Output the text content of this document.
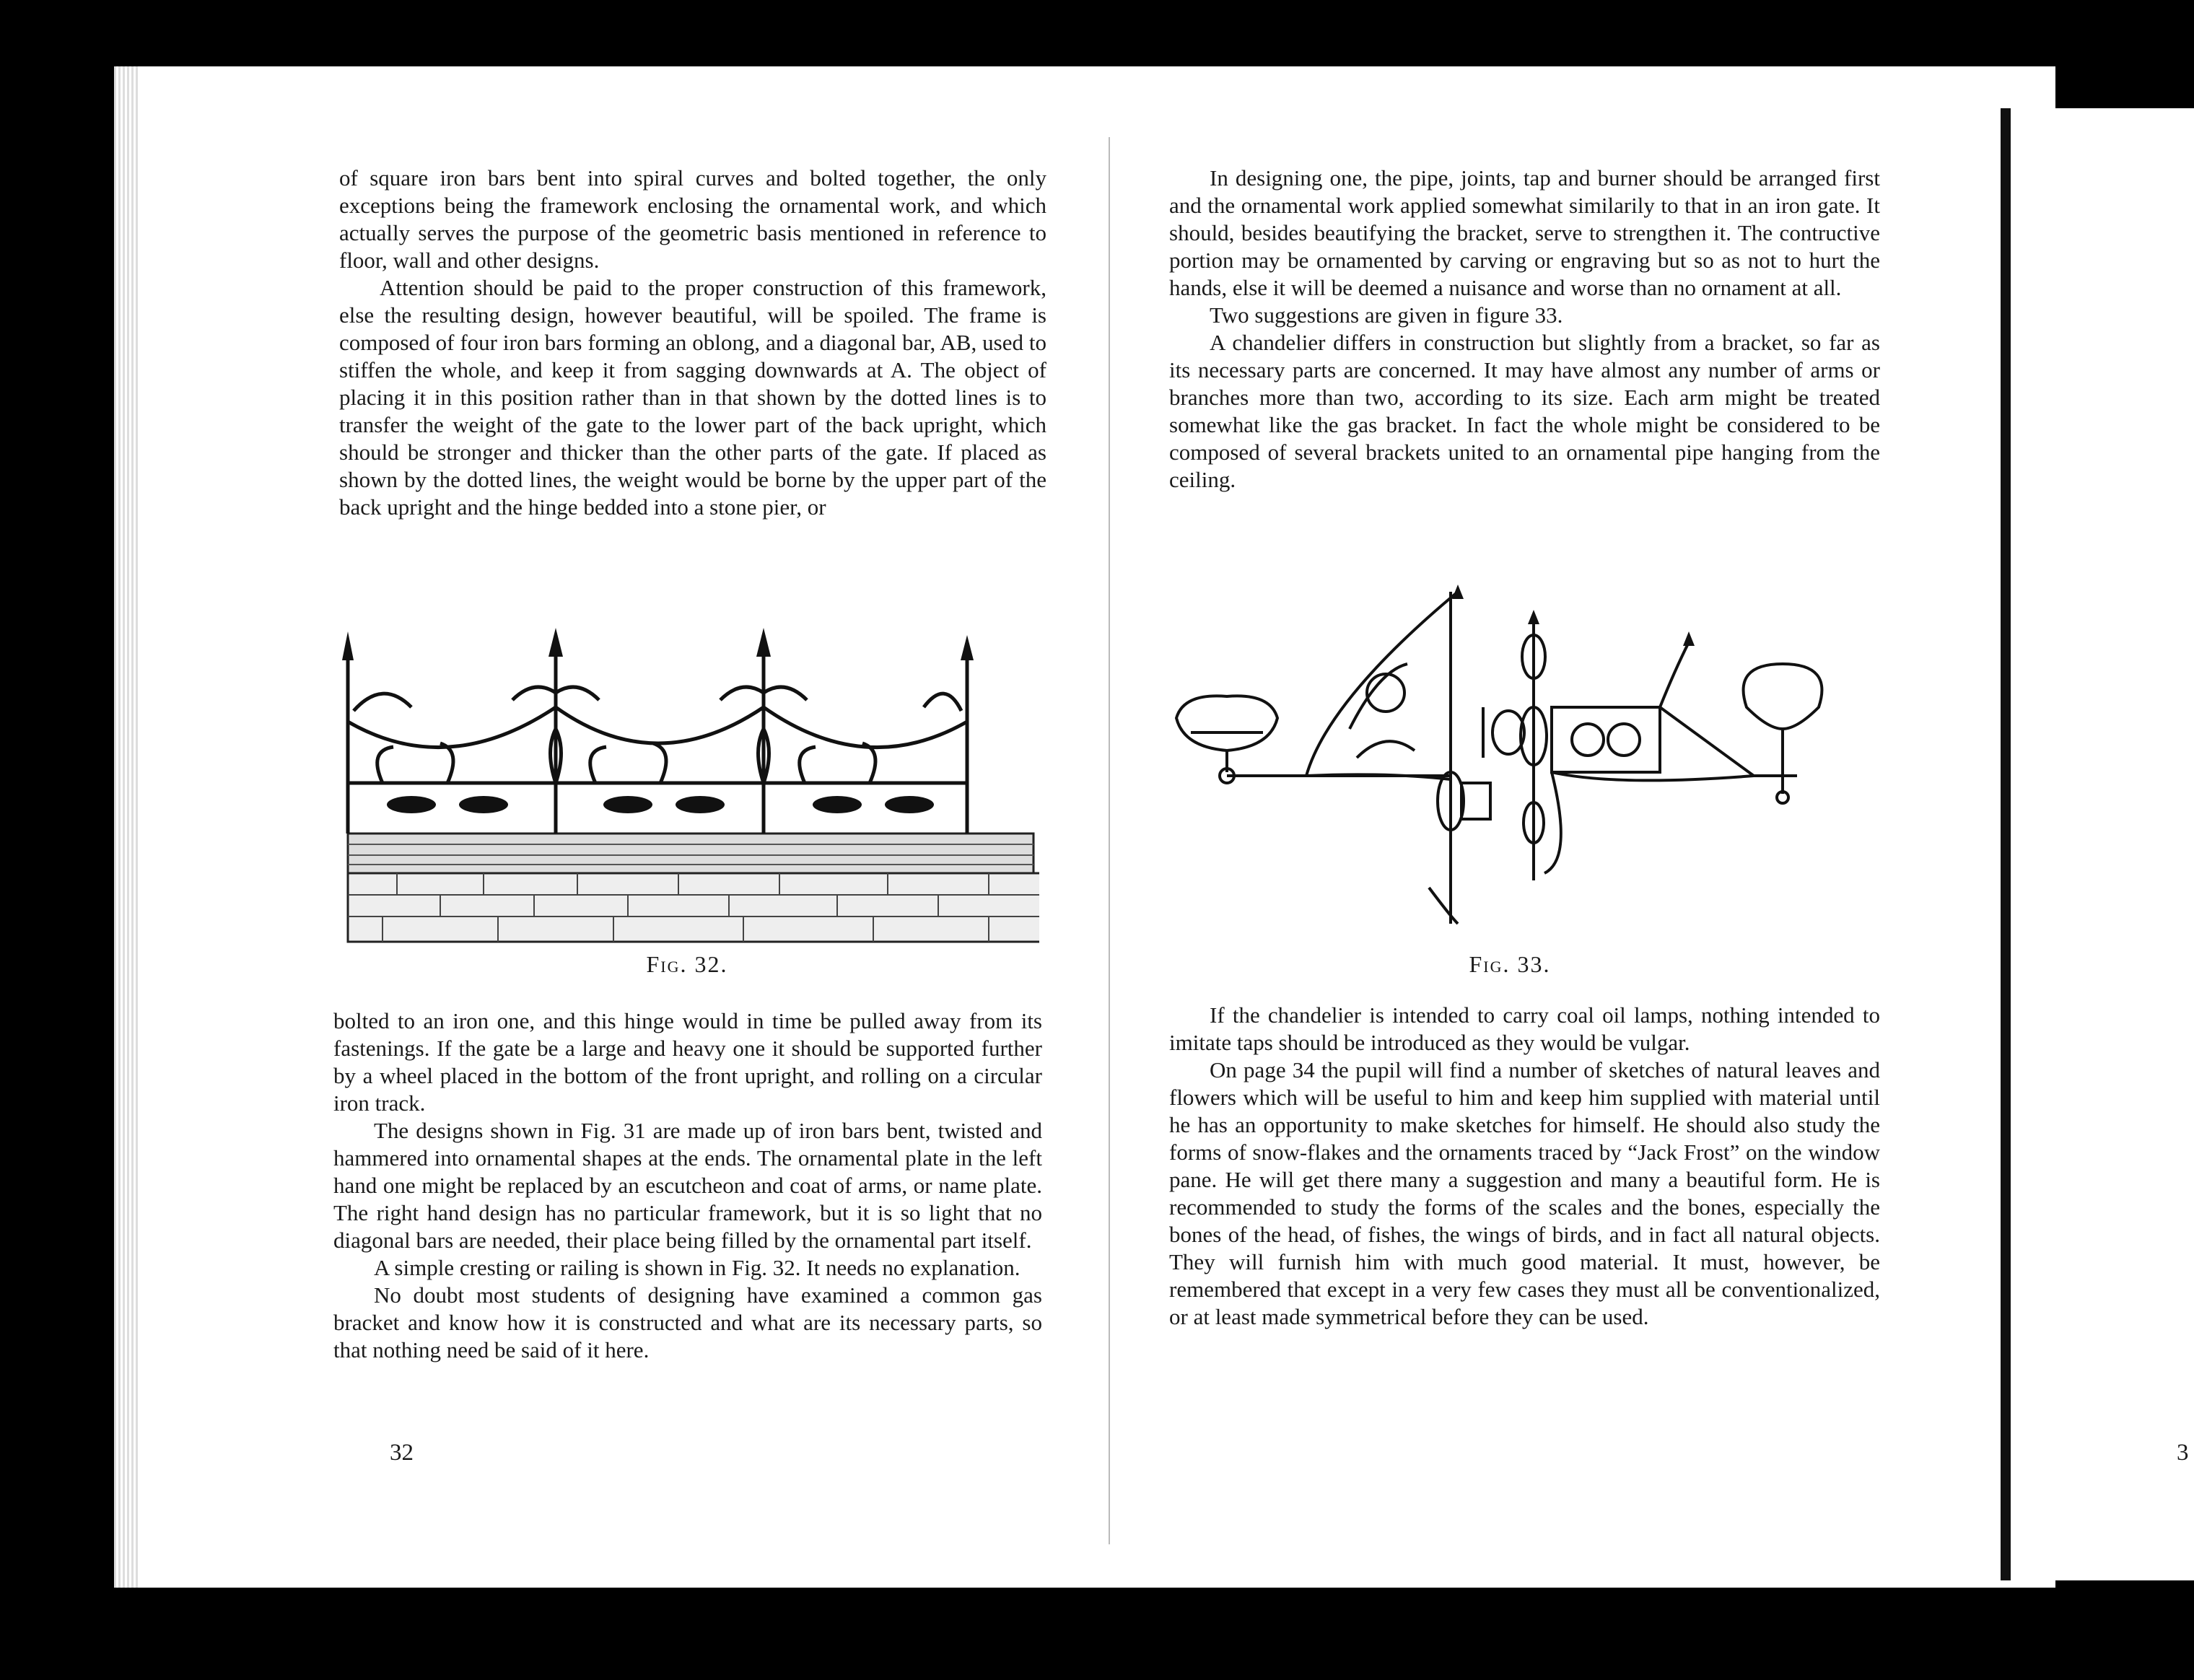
of square iron bars bent into spiral curves and bolted together, the only exceptions being the framework enclosing the ornamental work, and which actually serves the purpose of the geometric basis mentioned in reference to floor, wall and other designs.

Attention should be paid to the proper construction of this framework, else the resulting design, however beautiful, will be spoiled. The frame is composed of four iron bars forming an oblong, and a diagonal bar, AB, used to stiffen the whole, and keep it from sagging downwards at A. The object of placing it in this position rather than in that shown by the dotted lines is to transfer the weight of the gate to the lower part of the back upright, which should be stronger and thicker than the other parts of the gate. If placed as shown by the dotted lines, the weight would be borne by the upper part of the back upright and the hinge bedded into a stone pier, or

Fig. 32.

bolted to an iron one, and this hinge would in time be pulled away from its fastenings. If the gate be a large and heavy one it should be supported further by a wheel placed in the bottom of the front upright, and rolling on a circular iron track.

The designs shown in Fig. 31 are made up of iron bars bent, twisted and hammered into ornamental shapes at the ends. The ornamental plate in the left hand one might be replaced by an escutcheon and coat of arms, or name plate. The right hand design has no particular framework, but it is so light that no diagonal bars are needed, their place being filled by the ornamental part itself.

A simple cresting or railing is shown in Fig. 32. It needs no explanation.

No doubt most students of designing have examined a common gas bracket and know how it is constructed and what are its necessary parts, so that nothing need be said of it here.

32

In designing one, the pipe, joints, tap and burner should be arranged first and the ornamental work applied somewhat similarily to that in an iron gate. It should, besides beautifying the bracket, serve to strengthen it. The contructive portion may be ornamented by carving or engraving but so as not to hurt the hands, else it will be deemed a nuisance and worse than no ornament at all.

Two suggestions are given in figure 33.

A chandelier differs in construction but slightly from a bracket, so far as its necessary parts are concerned. It may have almost any number of arms or branches more than two, according to its size. Each arm might be treated somewhat like the gas bracket. In fact the whole might be considered to be composed of several brackets united to an ornamental pipe hanging from the ceiling.

Fig. 33.

If the chandelier is intended to carry coal oil lamps, nothing intended to imitate taps should be introduced as they would be vulgar.

On page 34 the pupil will find a number of sketches of natural leaves and flowers which will be useful to him and keep him supplied with material until he has an opportunity to make sketches for himself. He should also study the forms of snow-flakes and the ornaments traced by “Jack Frost” on the window pane. He will get there many a suggestion and many a beautiful form. He is recommended to study the forms of the scales and the bones, especially the bones of the head, of fishes, the wings of birds, and in fact all natural objects. They will furnish him with much good material. It must, however, be remembered that except in a very few cases they must all be conventionalized, or at least made symmetrical before they can be used.

3
